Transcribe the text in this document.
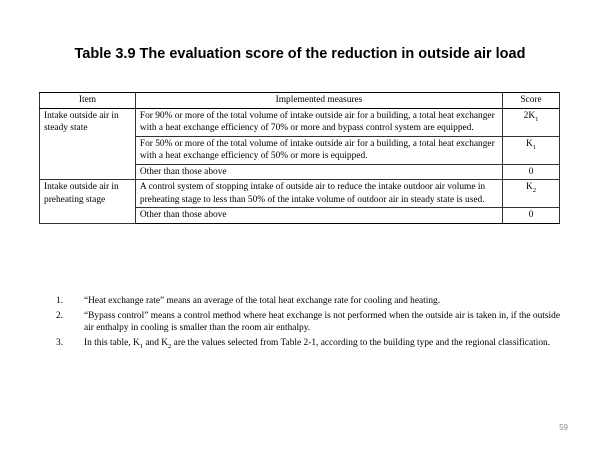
Table 3.9 The evaluation score of the reduction in outside air load
Item	Implemented measures	Score
Intake outside air in steady state	For 90% or more of the total volume of intake outside air for a building, a total heat exchanger with a heat exchange efficiency of 70% or more and bypass control system are equipped.	$2K_1$
	For 50% or more of the total volume of intake outside air for a building, a total heat exchanger with a heat exchange efficiency of 50% or more is equipped.	$K_1$
	Other than those above	0
Intake outside air in preheating stage	A control system of stopping intake of outside air to reduce the intake outdoor air volume in preheating stage to less than 50% of the intake volume of outdoor air in steady state is used.	$K_2$
	Other than those above	0
1. “Heat exchange rate” means an average of the total heat exchange rate for cooling and heating.
2. “Bypass control” means a control method where heat exchange is not performed when the outside air is taken in, if the outside air enthalpy in cooling is smaller than the room air enthalpy.
3. In this table, $K_1$ and $K_2$ are the values selected from Table 2-1, according to the building type and the regional classification.
59
